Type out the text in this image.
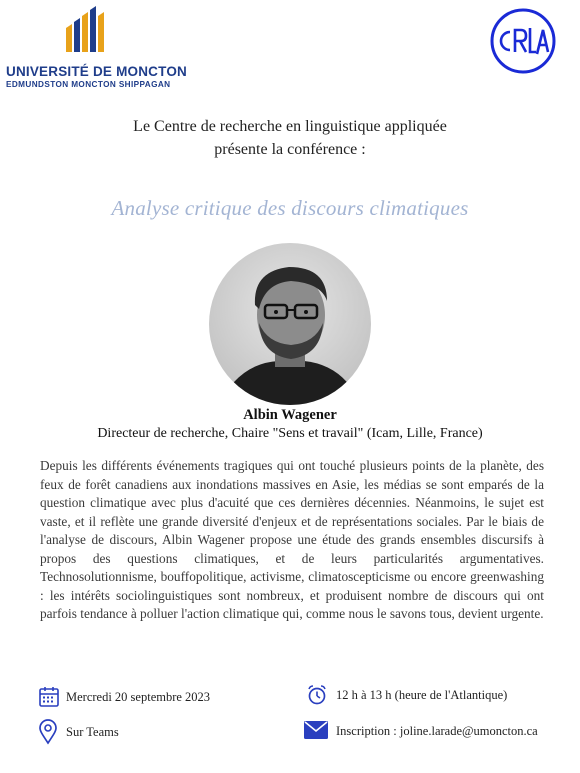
UNIVERSITÉ DE MONCTON
EDMUNDSTON MONCTON SHIPPAGAN
CRLA
Le Centre de recherche en linguistique appliquée
présente la conférence :
Analyse critique des discours climatiques
Albin Wagener
Directeur de recherche, Chaire "Sens et travail" (Icam, Lille, France)
Depuis les différents événements tragiques qui ont touché plusieurs points de la planète, des feux de forêt canadiens aux inondations massives en Asie, les médias se sont emparés de la question climatique avec plus d'acuité que ces dernières décennies. Néanmoins, le sujet est vaste, et il reflète une grande diversité d'enjeux et de représentations sociales. Par le biais de l'analyse de discours, Albin Wagener propose une étude des grands ensembles discursifs à propos des questions climatiques, et de leurs particularités argumentatives. Technosolutionnisme, bouffopolitique, activisme, climatoscepticisme ou encore greenwashing : les intérêts sociolinguistiques sont nombreux, et produisent nombre de discours qui ont parfois tendance à polluer l'action climatique qui, comme nous le savons tous, devient urgente.
Mercredi 20 septembre 2023	12 h à 13 h (heure de l'Atlantique)
Sur Teams	Inscription : joline.larade@umoncton.ca
